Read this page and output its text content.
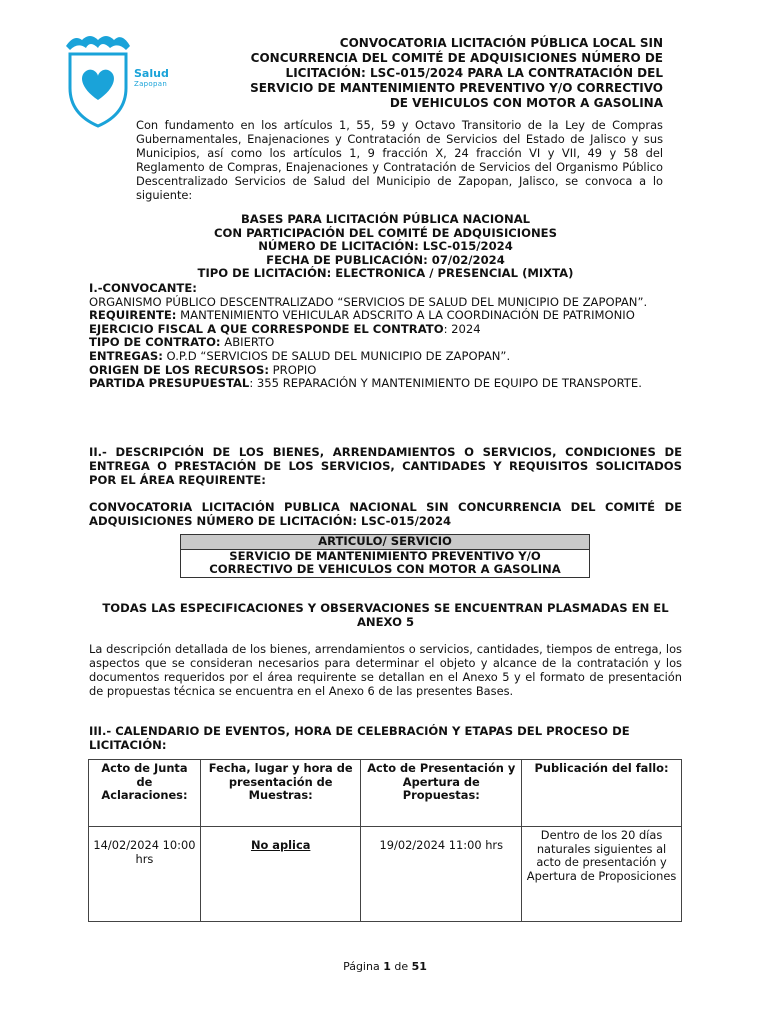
Salud
Zapopan
CONVOCATORIA LICITACIÓN PÚBLICA LOCAL SIN
CONCURRENCIA DEL COMITÉ DE ADQUISICIONES NÚMERO DE
LICITACIÓN: LSC-015/2024 PARA LA CONTRATACIÓN DEL
SERVICIO DE MANTENIMIENTO PREVENTIVO Y/O CORRECTIVO
DE VEHICULOS CON MOTOR A GASOLINA
Con fundamento en los artículos 1, 55, 59 y Octavo Transitorio de la Ley de Compras Gubernamentales, Enajenaciones y Contratación de Servicios del Estado de Jalisco y sus Municipios, así como los artículos 1, 9 fracción X, 24 fracción VI y VII, 49 y 58 del Reglamento de Compras, Enajenaciones y Contratación de Servicios del Organismo Público Descentralizado Servicios de Salud del Municipio de Zapopan, Jalisco, se convoca a lo siguiente:
BASES PARA LICITACIÓN PÚBLICA NACIONAL
CON PARTICIPACIÓN DEL COMITÉ DE ADQUISICIONES
NÚMERO DE LICITACIÓN: LSC-015/2024
FECHA DE PUBLICACIÓN: 07/02/2024
TIPO DE LICITACIÓN: ELECTRONICA / PRESENCIAL (MIXTA)
I.-CONVOCANTE:
ORGANISMO PÚBLICO DESCENTRALIZADO “SERVICIOS DE SALUD DEL MUNICIPIO DE ZAPOPAN”.
REQUIRENTE: MANTENIMIENTO VEHICULAR ADSCRITO A LA COORDINACIÓN DE PATRIMONIO
EJERCICIO FISCAL A QUE CORRESPONDE EL CONTRATO: 2024
TIPO DE CONTRATO: ABIERTO
ENTREGAS: O.P.D “SERVICIOS DE SALUD DEL MUNICIPIO DE ZAPOPAN”.
ORIGEN DE LOS RECURSOS: PROPIO
PARTIDA PRESUPUESTAL: 355 REPARACIÓN Y MANTENIMIENTO DE EQUIPO DE TRANSPORTE.
II.- DESCRIPCIÓN DE LOS BIENES, ARRENDAMIENTOS O SERVICIOS, CONDICIONES DE ENTREGA O PRESTACIÓN DE LOS SERVICIOS, CANTIDADES Y REQUISITOS SOLICITADOS POR EL ÁREA REQUIRENTE:
CONVOCATORIA LICITACIÓN PUBLICA NACIONAL SIN CONCURRENCIA DEL COMITÉ DE ADQUISICIONES NÚMERO DE LICITACIÓN: LSC-015/2024
ARTICULO/ SERVICIO
SERVICIO DE MANTENIMIENTO PREVENTIVO Y/O CORRECTIVO DE VEHICULOS CON MOTOR A GASOLINA
TODAS LAS ESPECIFICACIONES Y OBSERVACIONES SE ENCUENTRAN PLASMADAS EN EL ANEXO 5
La descripción detallada de los bienes, arrendamientos o servicios, cantidades, tiempos de entrega, los aspectos que se consideran necesarios para determinar el objeto y alcance de la contratación y los documentos requeridos por el área requirente se detallan en el Anexo 5 y el formato de presentación de propuestas técnica se encuentra en el Anexo 6 de las presentes Bases.
III.- CALENDARIO DE EVENTOS, HORA DE CELEBRACIÓN Y ETAPAS DEL PROCESO DE LICITACIÓN:
Acto de Junta de Aclaraciones:	Fecha, lugar y hora de presentación de Muestras:	Acto de Presentación y Apertura de Propuestas:	Publicación del fallo:
14/02/2024 10:00 hrs	No aplica	19/02/2024 11:00 hrs	Dentro de los 20 días naturales siguientes al acto de presentación y Apertura de Proposiciones
Página 1 de 51
